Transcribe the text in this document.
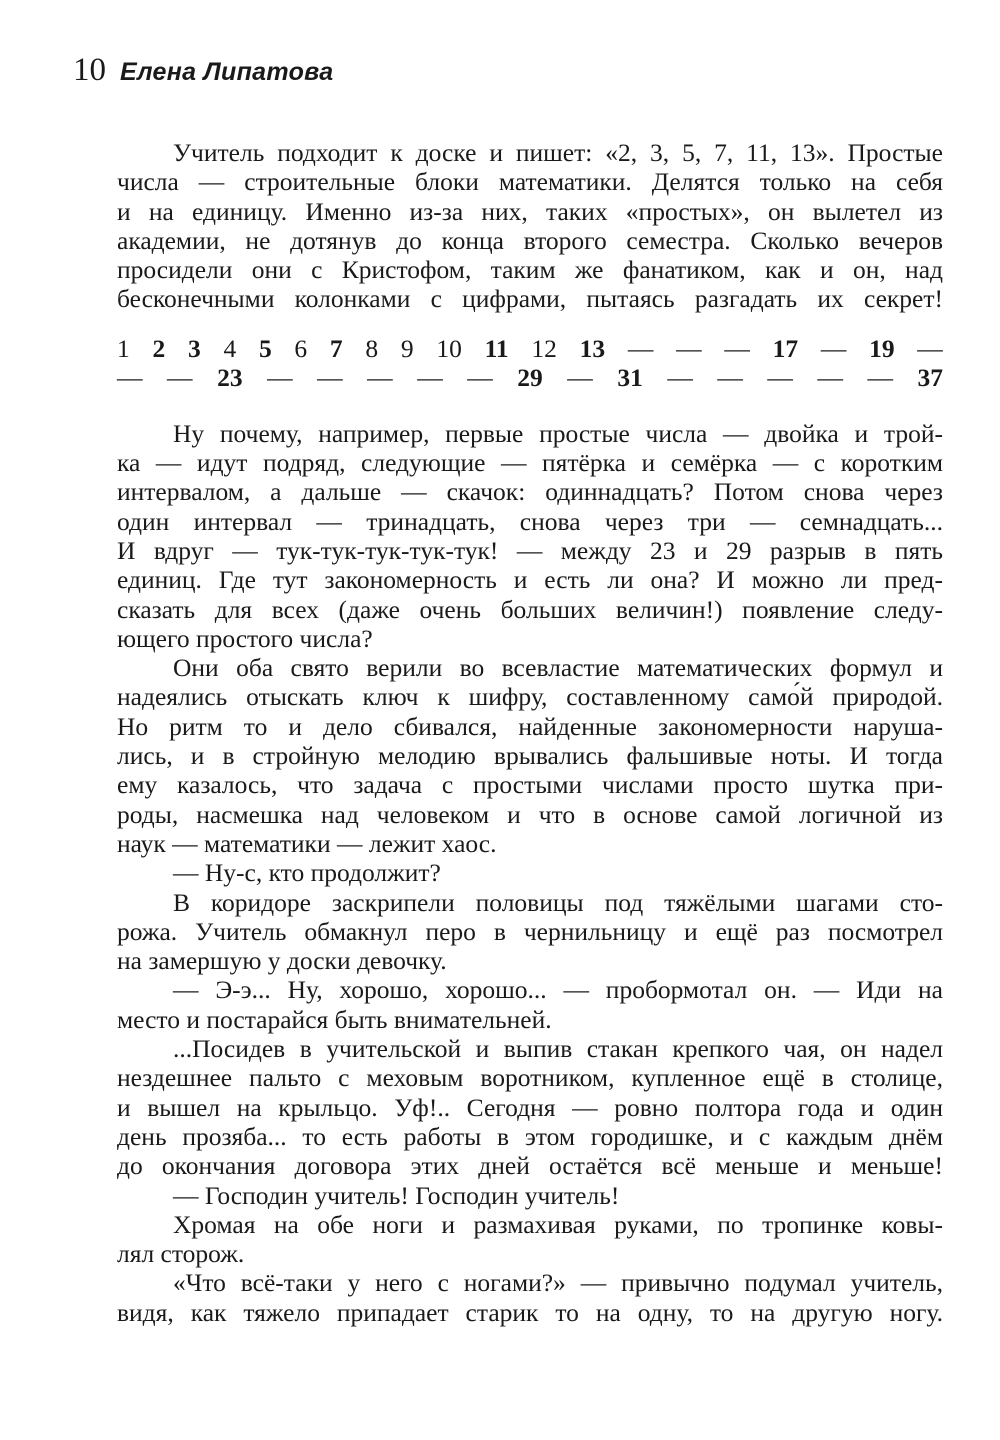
10 Елена Липатова
Учитель подходит к доске и пишет: «2, 3, 5, 7, 11, 13». Простые
числа — строительные блоки математики. Делятся только на себя
и на единицу. Именно из-за них, таких «простых», он вылетел из
академии, не дотянув до конца второго семестра. Сколько вечеров
просидели они с Кристофом, таким же фанатиком, как и он, над
бесконечными колонками с цифрами, пытаясь разгадать их секрет!
1 2 3 4 5 6 7 8 9 10 11 12 13 — — — 17 — 19 —
— — 23 — — — — — 29 — 31 — — — — — 37
Ну почему, например, первые простые числа — двойка и трой-
ка — идут подряд, следующие — пятёрка и семёрка — с коротким
интервалом, а дальше — скачок: одиннадцать? Потом снова через
один интервал — тринадцать, снова через три — семнадцать...
И вдруг — тук-тук-тук-тук-тук! — между 23 и 29 разрыв в пять
единиц. Где тут закономерность и есть ли она? И можно ли пред-
сказать для всех (даже очень больших величин!) появление следу-
ющего простого числа?
Они оба свято верили во всевластие математических формул и
надеялись отыскать ключ к шифру, составленному само́й природой.
Но ритм то и дело сбивался, найденные закономерности наруша-
лись, и в стройную мелодию врывались фальшивые ноты. И тогда
ему казалось, что задача с простыми числами просто шутка при-
роды, насмешка над человеком и что в основе самой логичной из
наук — математики — лежит хаос.
— Ну-с, кто продолжит?
В коридоре заскрипели половицы под тяжёлыми шагами сто-
рожа. Учитель обмакнул перо в чернильницу и ещё раз посмотрел
на замершую у доски девочку.
— Э-э... Ну, хорошо, хорошо... — пробормотал он. — Иди на
место и постарайся быть внимательней.
...Посидев в учительской и выпив стакан крепкого чая, он надел
нездешнее пальто с меховым воротником, купленное ещё в столице,
и вышел на крыльцо. Уф!.. Сегодня — ровно полтора года и один
день прозяба... то есть работы в этом городишке, и с каждым днём
до окончания договора этих дней остаётся всё меньше и меньше!
— Господин учитель! Господин учитель!
Хромая на обе ноги и размахивая руками, по тропинке ковы-
лял сторож.
«Что всё-таки у него с ногами?» — привычно подумал учитель,
видя, как тяжело припадает старик то на одну, то на другую ногу.
